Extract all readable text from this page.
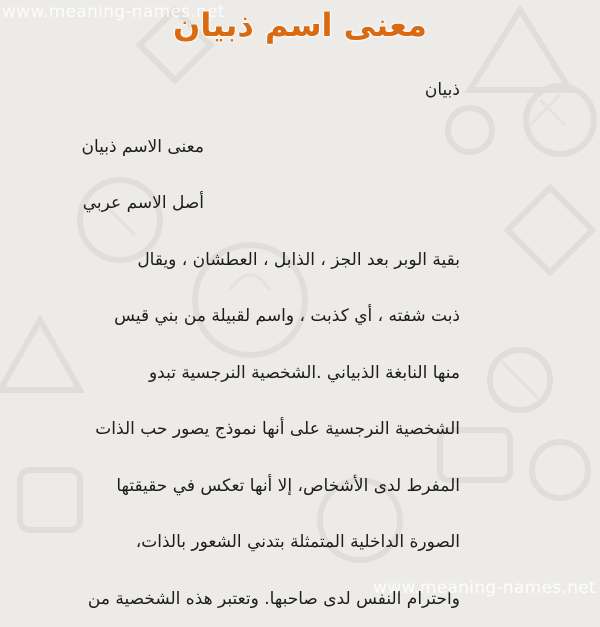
www.meaning-names.net
معنى اسم ذبيان
ذبيان
معنى الاسم ذبيان
أصل الاسم عربي
بقية الوبر بعد الجز ، الذابل ، العطشان ، ويقال
ذبت شفته ، أي كذبت ، واسم لقبيلة من بني قيس
منها النابغة الذبياني .الشخصية النرجسية تبدو
الشخصية النرجسية على أنها نموذج يصور حب الذات
المفرط لدى الأشخاص، إلا أنها تعكس في حقيقتها
الصورة الداخلية المتمثلة بتدني الشعور بالذات،
واحترام النفس لدى صاحبها. وتعتبر هذه الشخصية من
www.meaning-names.net
